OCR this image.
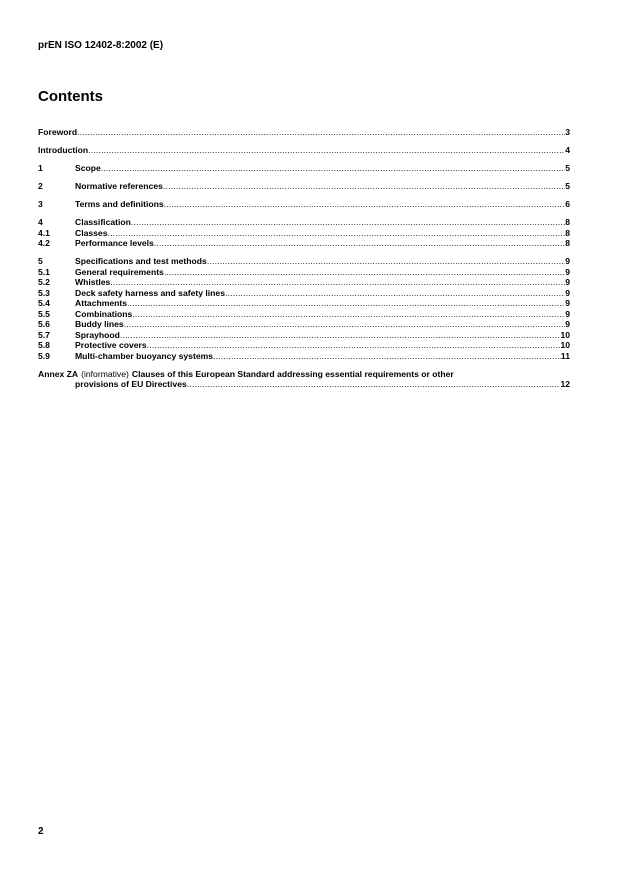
prEN ISO 12402-8:2002 (E)

Contents
Foreword .....	3
Introduction .....	4
1	Scope .....	5
2	Normative references .....	5
3	Terms and definitions .....	6
4	Classification .....	8
4.1	Classes .....	8
4.2	Performance levels .....	8
5	Specifications and test methods .....	9
5.1	General requirements .....	9
5.2	Whistles .....	9
5.3	Deck safety harness and safety lines .....	9
5.4	Attachments .....	9
5.5	Combinations .....	9
5.6	Buddy lines .....	9
5.7	Sprayhood .....	10
5.8	Protective covers .....	10
5.9	Multi-chamber buoyancy systems .....	11
Annex ZA (informative) Clauses of this European Standard addressing essential requirements or other
provisions of EU Directives .....	12

2
